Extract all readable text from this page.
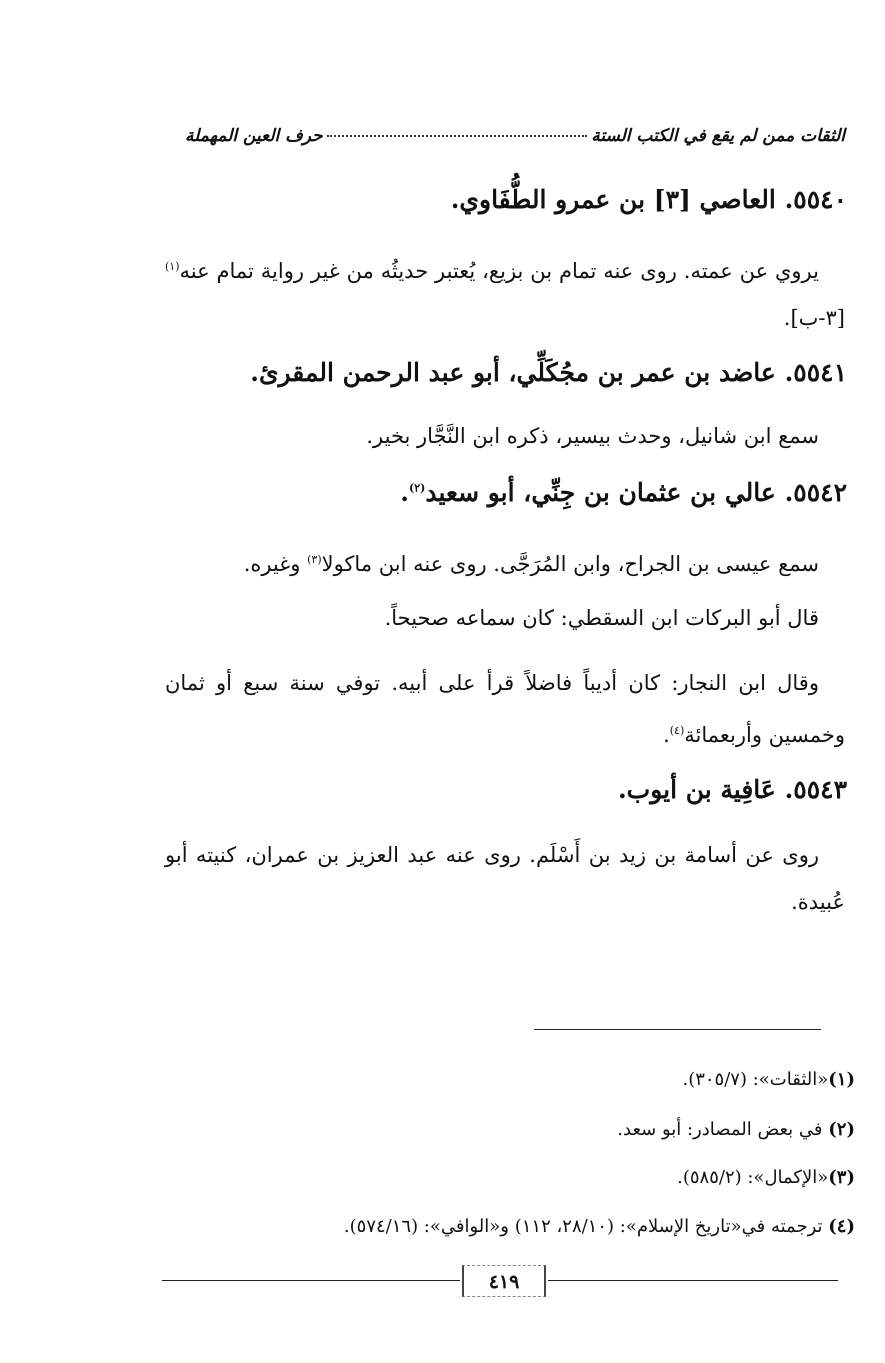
حرف العين المهملة	الثقات ممن لم يقع في الكتب الستة
٥٥٤٠. العاصي [٣] بن عمرو الطُّفَاوي.
يروي عن عمته. روى عنه تمام بن بزيع، يُعتبر حديثُه من غير رواية تمام عنه$^{(١)}$ [٣-ب].
٥٥٤١. عاضد بن عمر بن مجُكَلِّي، أبو عبد الرحمن المقرئ.
سمع ابن شانيل، وحدث بيسير، ذكره ابن النَّجَّار بخير.
٥٥٤٢. عالي بن عثمان بن جِنِّي، أبو سعيد$^{(٢)}$.
سمع عيسى بن الجراح، وابن المُرَجَّى. روى عنه ابن ماكولا$^{(٣)}$ وغيره.
قال أبو البركات ابن السقطي: كان سماعه صحيحاً.
وقال ابن النجار: كان أديباً فاضلاً قرأ على أبيه. توفي سنة سبع أو ثمان وخمسين وأربعمائة$^{(٤)}$.
٥٥٤٣. عَافِية بن أيوب.
روى عن أسامة بن زيد بن أَسْلَم. روى عنه عبد العزيز بن عمران، كنيته أبو عُبيدة.
(١)«الثقات»: (٣٠٥/٧).
(٢) في بعض المصادر: أبو سعد.
(٣)«الإكمال»: (٥٨٥/٢).
(٤) ترجمته في«تاريخ الإسلام»: (٢٨/١٠، ١١٢) و«الوافي»: (٥٧٤/١٦).
٤١٩
